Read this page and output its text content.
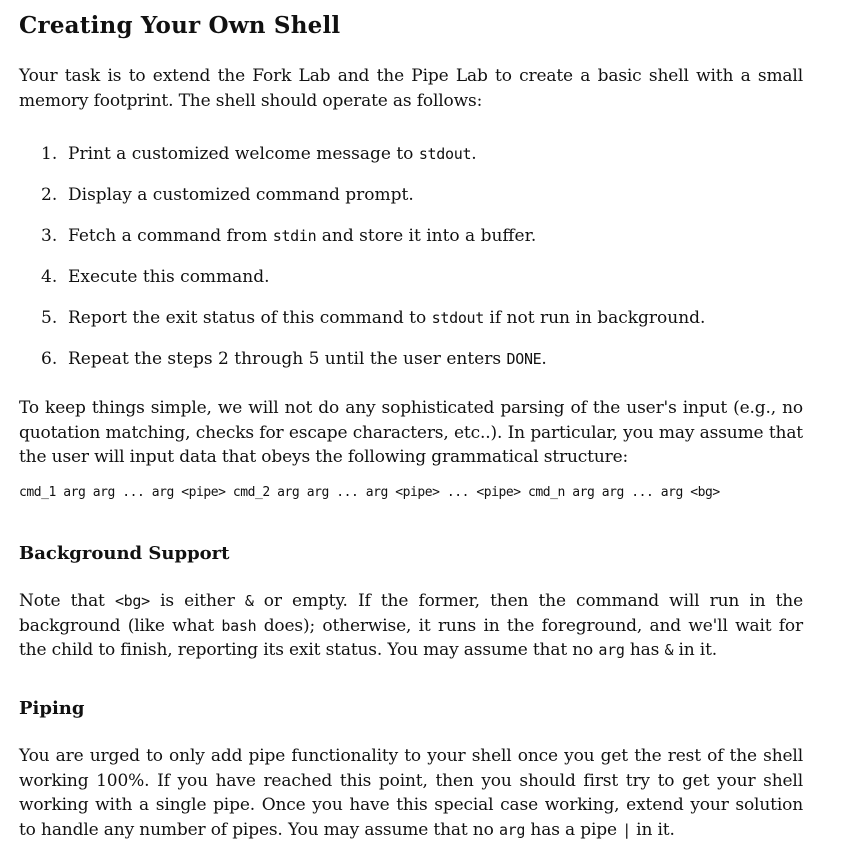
Creating Your Own Shell

Your task is to extend the Fork Lab and the Pipe Lab to create a basic shell with a small memory footprint. The shell should operate as follows:

1. Print a customized welcome message to stdout.
2. Display a customized command prompt.
3. Fetch a command from stdin and store it into a buffer.
4. Execute this command.
5. Report the exit status of this command to stdout if not run in background.
6. Repeat the steps 2 through 5 until the user enters DONE.

To keep things simple, we will not do any sophisticated parsing of the user's input (e.g., no quotation matching, checks for escape characters, etc..). In particular, you may assume that the user will input data that obeys the following grammatical structure:

cmd_1 arg arg ... arg <pipe> cmd_2 arg arg ... arg <pipe> ... <pipe> cmd_n arg arg ... arg <bg>
Background Support

Note that <bg> is either & or empty. If the former, then the command will run in the background (like what bash does); otherwise, it runs in the foreground, and we'll wait for the child to finish, reporting its exit status. You may assume that no arg has & in it.

Piping

You are urged to only add pipe functionality to your shell once you get the rest of the shell working 100%. If you have reached this point, then you should first try to get your shell working with a single pipe. Once you have this special case working, extend your solution to handle any number of pipes. You may assume that no arg has a pipe | in it.
